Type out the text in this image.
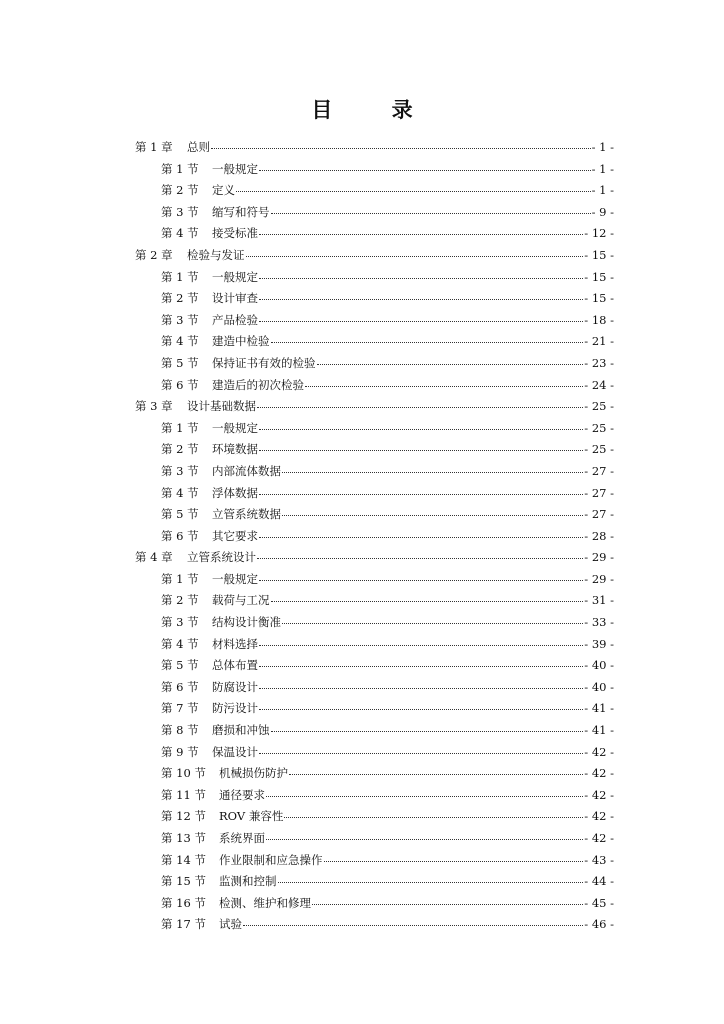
目 录
第 1 章 总则	- 1 -
第 1 节 一般规定	- 1 -
第 2 节 定义	- 1 -
第 3 节 缩写和符号	- 9 -
第 4 节 接受标准	- 12 -
第 2 章 检验与发证	- 15 -
第 1 节 一般规定	- 15 -
第 2 节 设计审查	- 15 -
第 3 节 产品检验	- 18 -
第 4 节 建造中检验	- 21 -
第 5 节 保持证书有效的检验	- 23 -
第 6 节 建造后的初次检验	- 24 -
第 3 章 设计基础数据	- 25 -
第 1 节 一般规定	- 25 -
第 2 节 环境数据	- 25 -
第 3 节 内部流体数据	- 27 -
第 4 节 浮体数据	- 27 -
第 5 节 立管系统数据	- 27 -
第 6 节 其它要求	- 28 -
第 4 章 立管系统设计	- 29 -
第 1 节 一般规定	- 29 -
第 2 节 载荷与工况	- 31 -
第 3 节 结构设计衡准	- 33 -
第 4 节 材料选择	- 39 -
第 5 节 总体布置	- 40 -
第 6 节 防腐设计	- 40 -
第 7 节 防污设计	- 41 -
第 8 节 磨损和冲蚀	- 41 -
第 9 节 保温设计	- 42 -
第 10 节 机械损伤防护	- 42 -
第 11 节 通径要求	- 42 -
第 12 节 ROV 兼容性	- 42 -
第 13 节 系统界面	- 42 -
第 14 节 作业限制和应急操作	- 43 -
第 15 节 监测和控制	- 44 -
第 16 节 检测、维护和修理	- 45 -
第 17 节 试验	- 46 -
